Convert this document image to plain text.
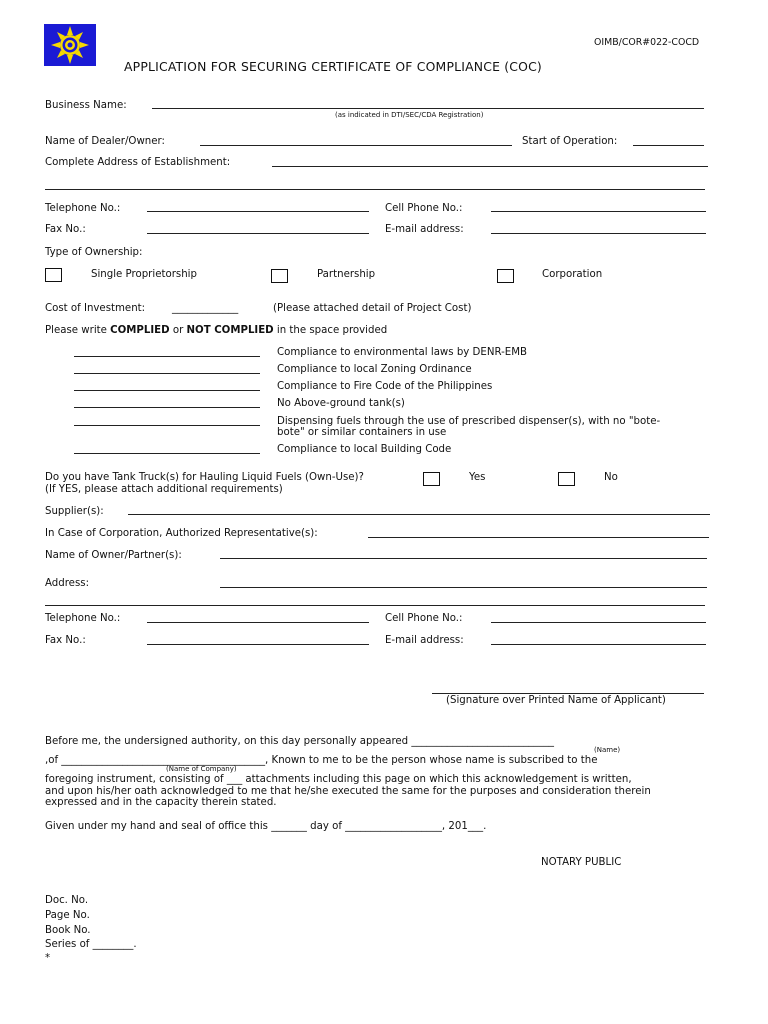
OIMB/COR#022-COCD
APPLICATION FOR SECURING CERTIFICATE OF COMPLIANCE (COC)
Business Name:
(as indicated in DTI/SEC/CDA Registration)
Name of Dealer/Owner:	Start of Operation:
Complete Address of Establishment:
Telephone No.:	Cell Phone No.:
Fax No.:	E-mail address:
Type of Ownership:
Single Proprietorship	Partnership	Corporation
Cost of Investment:	_____________	(Please attached detail of Project Cost)
Please write COMPLIED or NOT COMPLIED in the space provided
Compliance to environmental laws by DENR-EMB
Compliance to local Zoning Ordinance
Compliance to Fire Code of the Philippines
No Above-ground tank(s)
Dispensing fuels through the use of prescribed dispenser(s), with no "bote-
bote" or similar containers in use
Compliance to local Building Code
Do you have Tank Truck(s) for Hauling Liquid Fuels (Own-Use)?
(If YES, please attach additional requirements)
Yes	No
Supplier(s):
In Case of Corporation, Authorized Representative(s):
Name of Owner/Partner(s):
Address:
Telephone No.:	Cell Phone No.:
Fax No.:	E-mail address:
(Signature over Printed Name of Applicant)
Before me, the undersigned authority, on this day personally appeared ____________________________
(Name)
,of ________________________________________, Known to me to be the person whose name is subscribed to the
(Name of Company)
foregoing instrument, consisting of ___ attachments including this page on which this acknowledgement is written,
and upon his/her oath acknowledged to me that he/she executed the same for the purposes and consideration therein
expressed and in the capacity therein stated.
Given under my hand and seal of office this _______ day of ___________________, 201___.
NOTARY PUBLIC
Doc. No.
Page No.
Book No.
Series of ________.
*
